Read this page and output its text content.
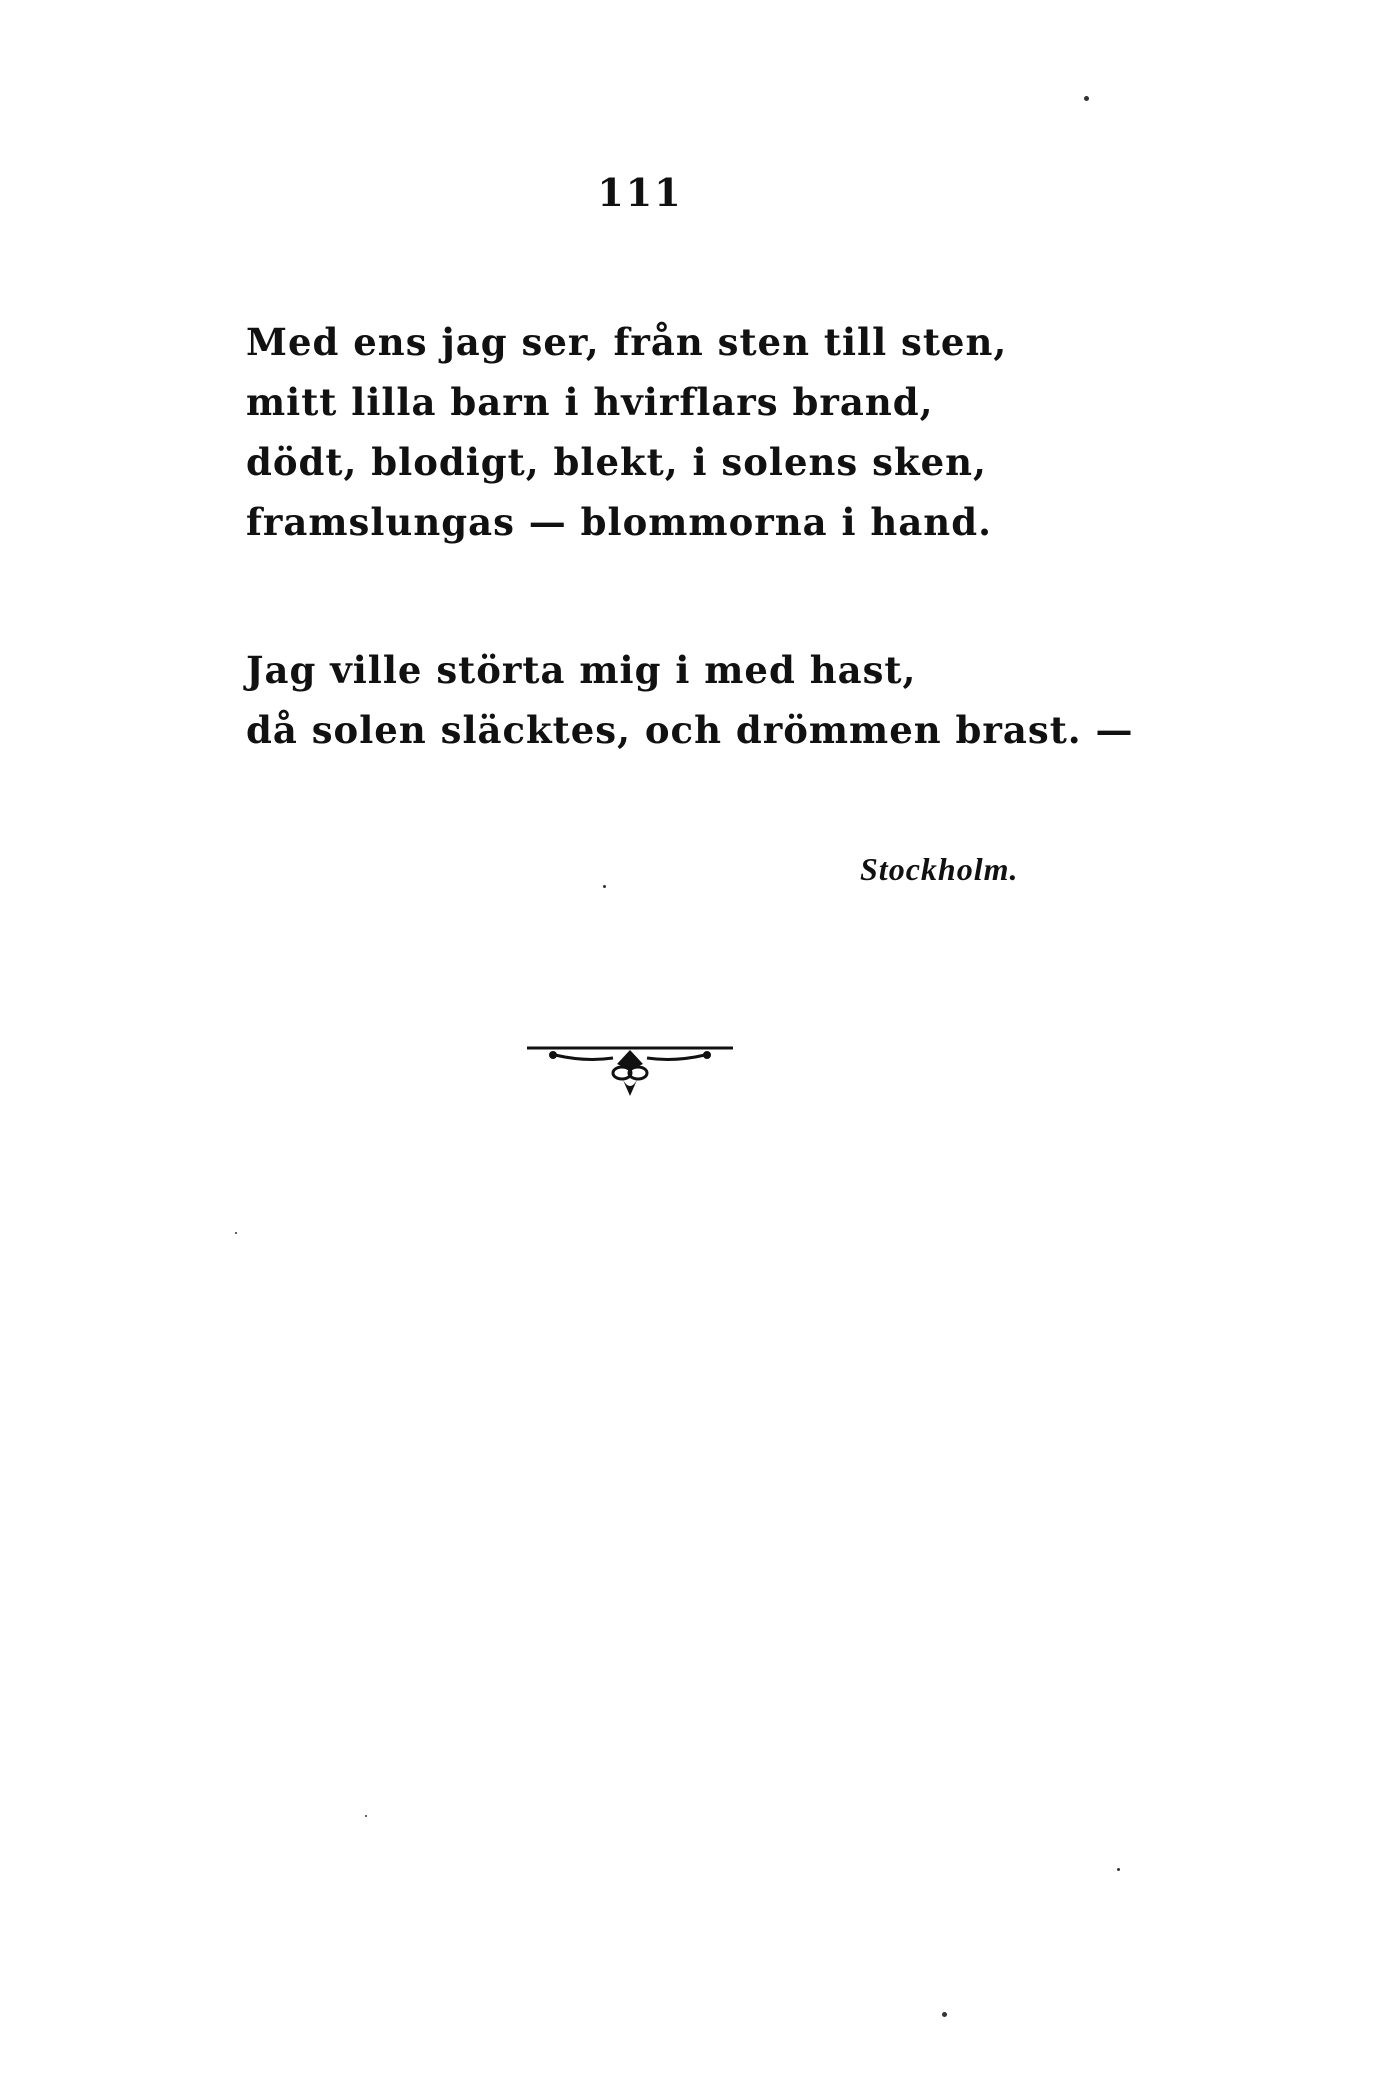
111
Med ens jag ser, från sten till sten,
mitt lilla barn i hvirflars brand,
dödt, blodigt, blekt, i solens sken,
framslungas — blommorna i hand.
Jag ville störta mig i med hast,
då solen släcktes, och drömmen brast. —
Stockholm.
